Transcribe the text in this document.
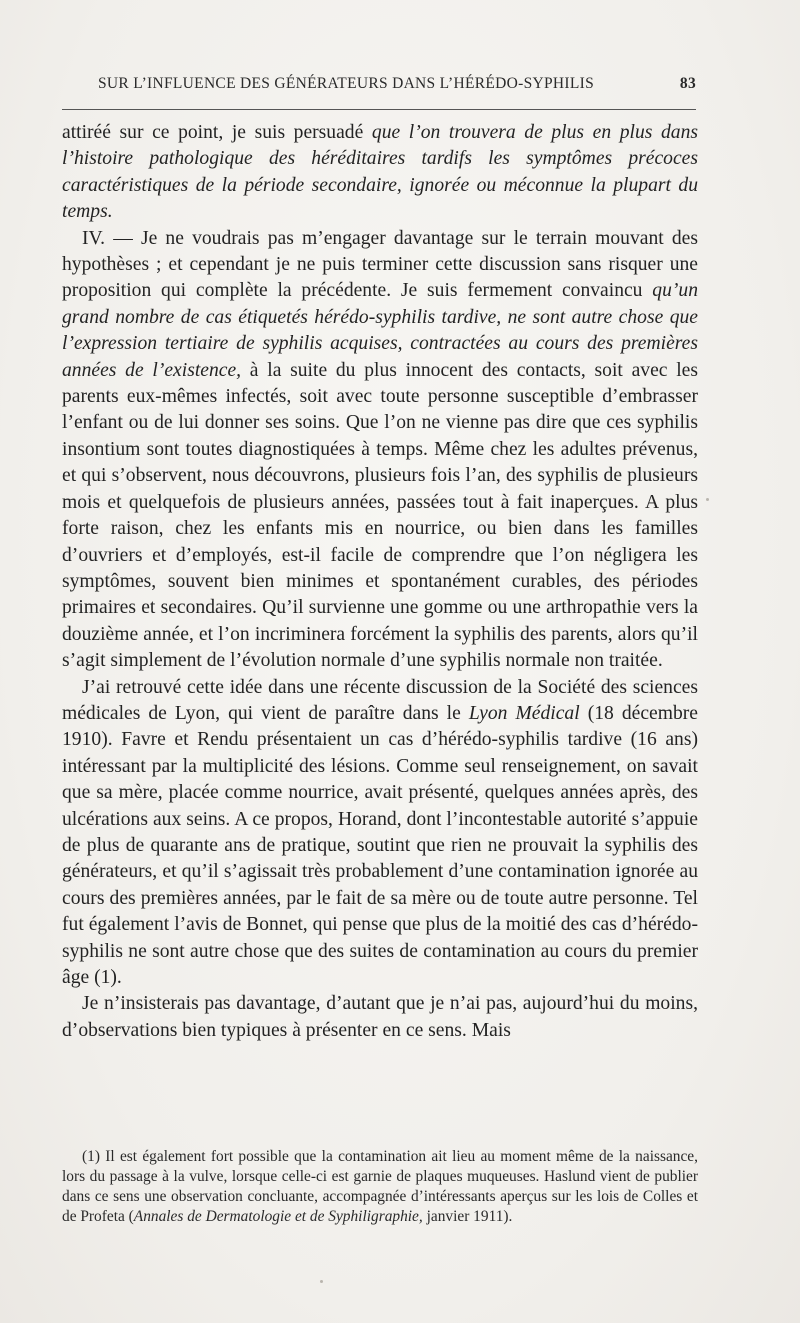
SUR L’INFLUENCE DES GÉNÉRATEURS DANS L’HÉRÉDO-SYPHILIS	83

attiréé sur ce point, je suis persuadé que l’on trouvera de plus en plus dans l’histoire pathologique des héréditaires tardifs les symptômes précoces caractéristiques de la période secondaire, ignorée ou méconnue la plupart du temps.

IV. — Je ne voudrais pas m’engager davantage sur le terrain mouvant des hypothèses ; et cependant je ne puis terminer cette discussion sans risquer une proposition qui complète la précédente. Je suis fermement convaincu qu’un grand nombre de cas étiquetés hérédo-syphilis tardive, ne sont autre chose que l’expression tertiaire de syphilis acquises, contractées au cours des premières années de l’existence, à la suite du plus innocent des contacts, soit avec les parents eux-mêmes infectés, soit avec toute personne susceptible d’embrasser l’enfant ou de lui donner ses soins. Que l’on ne vienne pas dire que ces syphilis insontium sont toutes diagnostiquées à temps. Même chez les adultes prévenus, et qui s’observent, nous découvrons, plusieurs fois l’an, des syphilis de plusieurs mois et quelquefois de plusieurs années, passées tout à fait inaperçues. A plus forte raison, chez les enfants mis en nourrice, ou bien dans les familles d’ouvriers et d’employés, est-il facile de comprendre que l’on négligera les symptômes, souvent bien minimes et spontanément curables, des périodes primaires et secondaires. Qu’il survienne une gomme ou une arthropathie vers la douzième année, et l’on incriminera forcément la syphilis des parents, alors qu’il s’agit simplement de l’évolution normale d’une syphilis normale non traitée.

J’ai retrouvé cette idée dans une récente discussion de la Société des sciences médicales de Lyon, qui vient de paraître dans le Lyon Médical (18 décembre 1910). Favre et Rendu présentaient un cas d’hérédo-syphilis tardive (16 ans) intéressant par la multiplicité des lésions. Comme seul renseignement, on savait que sa mère, placée comme nourrice, avait présenté, quelques années après, des ulcérations aux seins. A ce propos, Horand, dont l’incontestable autorité s’appuie de plus de quarante ans de pratique, soutint que rien ne prouvait la syphilis des générateurs, et qu’il s’agissait très probablement d’une contamination ignorée au cours des premières années, par le fait de sa mère ou de toute autre personne. Tel fut également l’avis de Bonnet, qui pense que plus de la moitié des cas d’hérédo-syphilis ne sont autre chose que des suites de contamination au cours du premier âge (1).

Je n’insisterais pas davantage, d’autant que je n’ai pas, aujourd’hui du moins, d’observations bien typiques à présenter en ce sens. Mais

(1) Il est également fort possible que la contamination ait lieu au moment même de la naissance, lors du passage à la vulve, lorsque celle-ci est garnie de plaques muqueuses. Haslund vient de publier dans ce sens une observation concluante, accompagnée d’intéressants aperçus sur les lois de Colles et de Profeta (Annales de Dermatologie et de Syphiligraphie, janvier 1911).
